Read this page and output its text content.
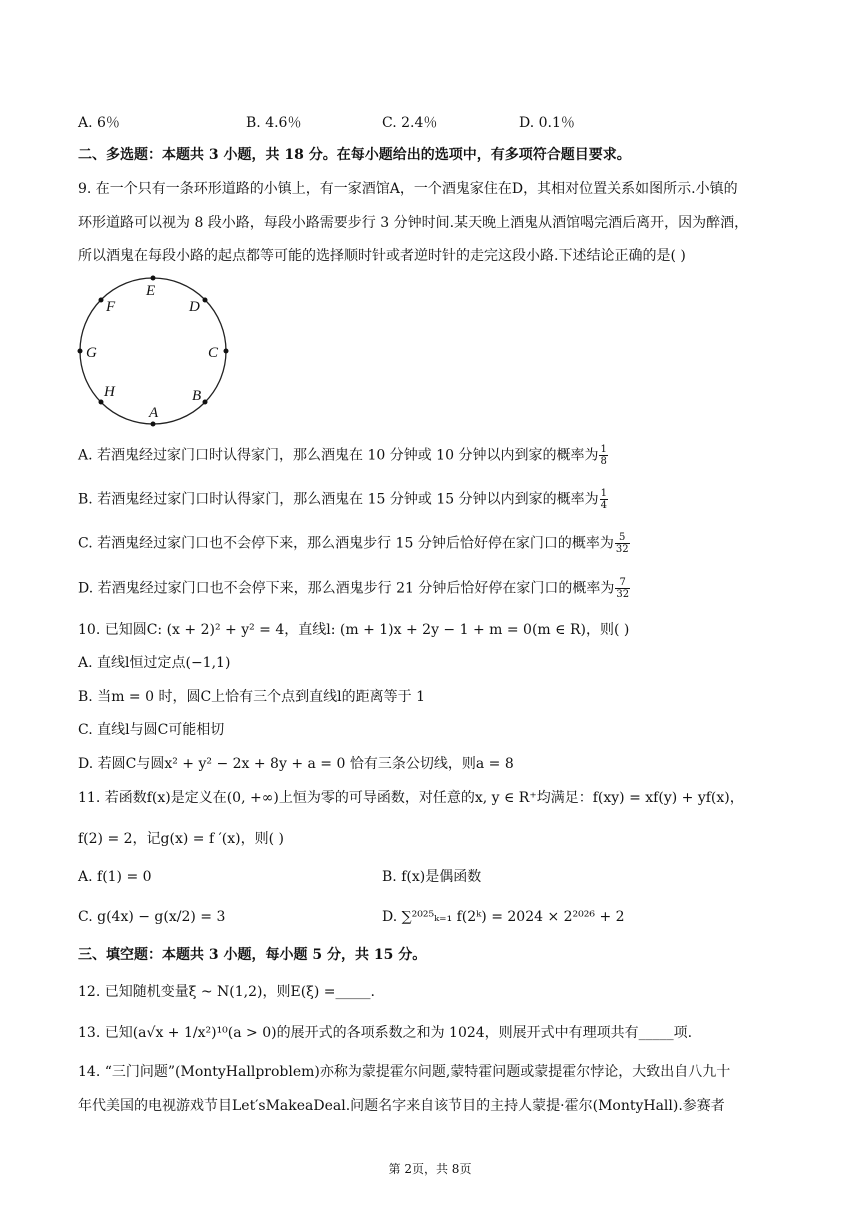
A. 6％	B. 4.6％	C. 2.4％	D. 0.1％
二、多选题：本题共 3 小题，共 18 分。在每小题给出的选项中，有多项符合题目要求。
9. 在一个只有一条环形道路的小镇上，有一家酒馆A，一个酒鬼家住在D，其相对位置关系如图所示.小镇的
环形道路可以视为 8 段小路，每段小路需要步行 3 分钟时间.某天晚上酒鬼从酒馆喝完酒后离开，因为醉酒，
所以酒鬼在每段小路的起点都等可能的选择顺时针或者逆时针的走完这段小路.下述结论正确的是( )
E
D
F
C
G
B
H
A
A. 若酒鬼经过家门口时认得家门，那么酒鬼在 10 分钟或 10 分钟以内到家的概率为 $\frac{1}{8}$
B. 若酒鬼经过家门口时认得家门，那么酒鬼在 15 分钟或 15 分钟以内到家的概率为 $\frac{1}{4}$
C. 若酒鬼经过家门口也不会停下来，那么酒鬼步行 15 分钟后恰好停在家门口的概率为 $\frac{5}{32}$
D. 若酒鬼经过家门口也不会停下来，那么酒鬼步行 21 分钟后恰好停在家门口的概率为 $\frac{7}{32}$
10. 已知圆C: (x + 2)² + y² = 4，直线l: (m + 1)x + 2y − 1 + m = 0(m ∈ R)，则( )
A. 直线l恒过定点(−1,1)
B. 当m = 0 时，圆C上恰有三个点到直线l的距离等于 1
C. 直线l与圆C可能相切
D. 若圆C与圆x² + y² − 2x + 8y + a = 0 恰有三条公切线，则a = 8
11. 若函数f(x)是定义在(0, +∞)上恒为零的可导函数，对任意的x, y ∈ R⁺均满足：f(xy) = xf(y) + yf(x)，
f(2) = 2，记g(x) = f ′(x)，则( )
A. f(1) = 0	B. f(x)是偶函数
C. g(4x) − g(x/2) = 3	D. ∑²⁰²⁵ₖ₌₁ f(2ᵏ) = 2024 × 2²⁰²⁶ + 2
三、填空题：本题共 3 小题，每小题 5 分，共 15 分。
12. 已知随机变量ξ ~ N(1,2)，则E(ξ) =_____.
13. 已知(a√x + 1/x²)¹⁰(a > 0)的展开式的各项系数之和为 1024，则展开式中有理项共有_____项.
14. “三门问题”(MontyHallproblem)亦称为蒙提霍尔问题,蒙特霍问题或蒙提霍尔悖论，大致出自八九十
年代美国的电视游戏节目Let′sMakeaDeal.问题名字来自该节目的主持人蒙提·霍尔(MontyHall).参赛者
第 2页，共 8页
